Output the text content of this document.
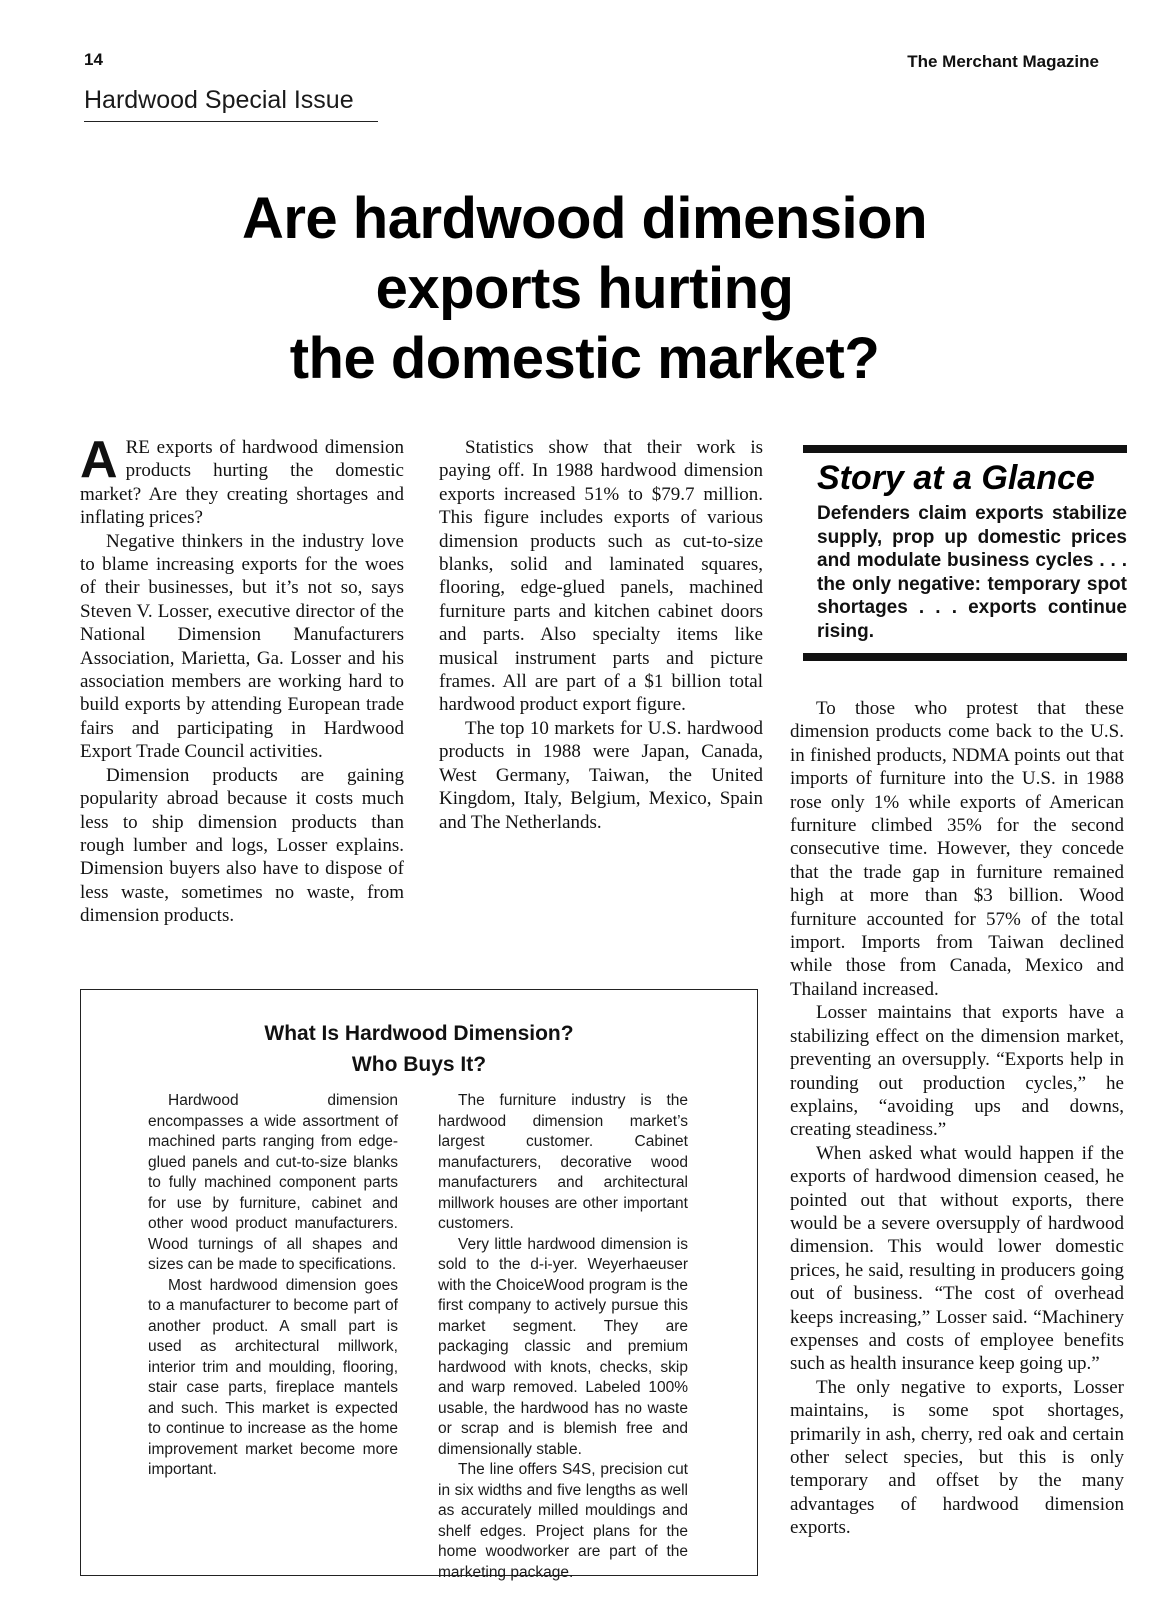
14	The Merchant Magazine
Hardwood Special Issue
Are hardwood dimension
exports hurting
the domestic market?

ARE exports of hardwood dimension products hurting the domestic market? Are they creating shortages and inflating prices?

Negative thinkers in the industry love to blame increasing exports for the woes of their businesses, but it’s not so, says Steven V. Losser, executive director of the National Dimension Manufacturers Association, Marietta, Ga. Losser and his association members are working hard to build exports by attending European trade fairs and participating in Hardwood Export Trade Council activities.

Dimension products are gaining popularity abroad because it costs much less to ship dimension products than rough lumber and logs, Losser explains. Dimension buyers also have to dispose of less waste, sometimes no waste, from dimension products.

Statistics show that their work is paying off. In 1988 hardwood dimension exports increased 51% to $79.7 million. This figure includes exports of various dimension products such as cut-to-size blanks, solid and laminated squares, flooring, edge-glued panels, machined furniture parts and kitchen cabinet doors and parts. Also specialty items like musical instrument parts and picture frames. All are part of a $1 billion total hardwood product export figure.

The top 10 markets for U.S. hardwood products in 1988 were Japan, Canada, West Germany, Taiwan, the United Kingdom, Italy, Belgium, Mexico, Spain and The Netherlands.

Story at a Glance

Defenders claim exports stabilize supply, prop up domestic prices and modulate business cycles . . . the only negative: temporary spot shortages . . . exports continue rising.

To those who protest that these dimension products come back to the U.S. in finished products, NDMA points out that imports of furniture into the U.S. in 1988 rose only 1% while exports of American furniture climbed 35% for the second consecutive time. However, they concede that the trade gap in furniture remained high at more than $3 billion. Wood furniture accounted for 57% of the total import. Imports from Taiwan declined while those from Canada, Mexico and Thailand increased.

Losser maintains that exports have a stabilizing effect on the dimension market, preventing an oversupply. “Exports help in rounding out production cycles,” he explains, “avoiding ups and downs, creating steadiness.”

When asked what would happen if the exports of hardwood dimension ceased, he pointed out that without exports, there would be a severe oversupply of hardwood dimension. This would lower domestic prices, he said, resulting in producers going out of business. “The cost of overhead keeps increasing,” Losser said. “Machinery expenses and costs of employee benefits such as health insurance keep going up.”

The only negative to exports, Losser maintains, is some spot shortages, primarily in ash, cherry, red oak and certain other select species, but this is only temporary and offset by the many advantages of hardwood dimension exports.

What Is Hardwood Dimension?
Who Buys It?

Hardwood dimension encompasses a wide assortment of machined parts ranging from edge-glued panels and cut-to-size blanks to fully machined component parts for use by furniture, cabinet and other wood product manufacturers. Wood turnings of all shapes and sizes can be made to specifications.

Most hardwood dimension goes to a manufacturer to become part of another product. A small part is used as architectural millwork, interior trim and moulding, flooring, stair case parts, fireplace mantels and such. This market is expected to continue to increase as the home improvement market become more important.

The furniture industry is the hardwood dimension market’s largest customer. Cabinet manufacturers, decorative wood manufacturers and architectural millwork houses are other important customers.

Very little hardwood dimension is sold to the d-i-yer. Weyerhaeuser with the ChoiceWood program is the first company to actively pursue this market segment. They are packaging classic and premium hardwood with knots, checks, skip and warp removed. Labeled 100% usable, the hardwood has no waste or scrap and is blemish free and dimensionally stable.

The line offers S4S, precision cut in six widths and five lengths as well as accurately milled mouldings and shelf edges. Project plans for the home woodworker are part of the marketing package.
